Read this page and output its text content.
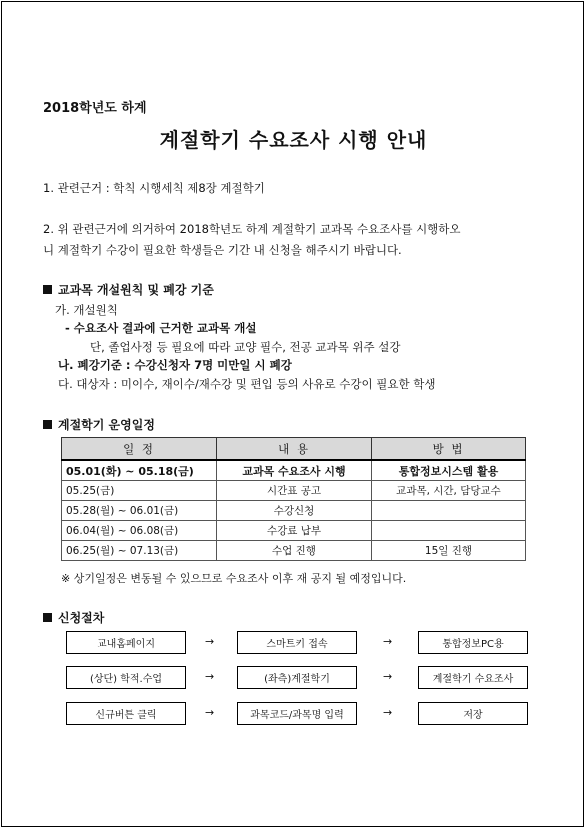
2018학년도 하계
계절학기 수요조사 시행 안내
1. 관련근거 : 학칙 시행세칙 제8장 계절학기
2. 위 관련근거에 의거하여 2018학년도 하계 계절학기 교과목 수요조사를 시행하오
니 계절학기 수강이 필요한 학생들은 기간 내 신청을 해주시기 바랍니다.
교과목 개설원칙 및 폐강 기준
가. 개설원칙
- 수요조사 결과에 근거한 교과목 개설
단, 졸업사정 등 필요에 따라 교양 필수, 전공 교과목 위주 설강
나. 폐강기준 : 수강신청자 7명 미만일 시 폐강
다. 대상자 : 미이수, 재이수/재수강 및 편입 등의 사유로 수강이 필요한 학생
계절학기 운영일정
일 정	내 용	방 법
05.01(화) ~ 05.18(금)	교과목 수요조사 시행	통합정보시스템 활용
05.25(금)	시간표 공고	교과목, 시간, 담당교수
05.28(월) ~ 06.01(금)	수강신청	
06.04(월) ~ 06.08(금)	수강료 납부	
06.25(월) ~ 07.13(금)	수업 진행	15일 진행
※ 상기일정은 변동될 수 있으므로 수요조사 이후 재 공지 될 예정입니다.
신청절차
교내홈페이지	→	스마트키 접속	→	통합정보PC용
(상단) 학적.수업	→	(좌측)계절학기	→	계절학기 수요조사
신규버튼 클릭	→	과목코드/과목명 입력	→	저장
